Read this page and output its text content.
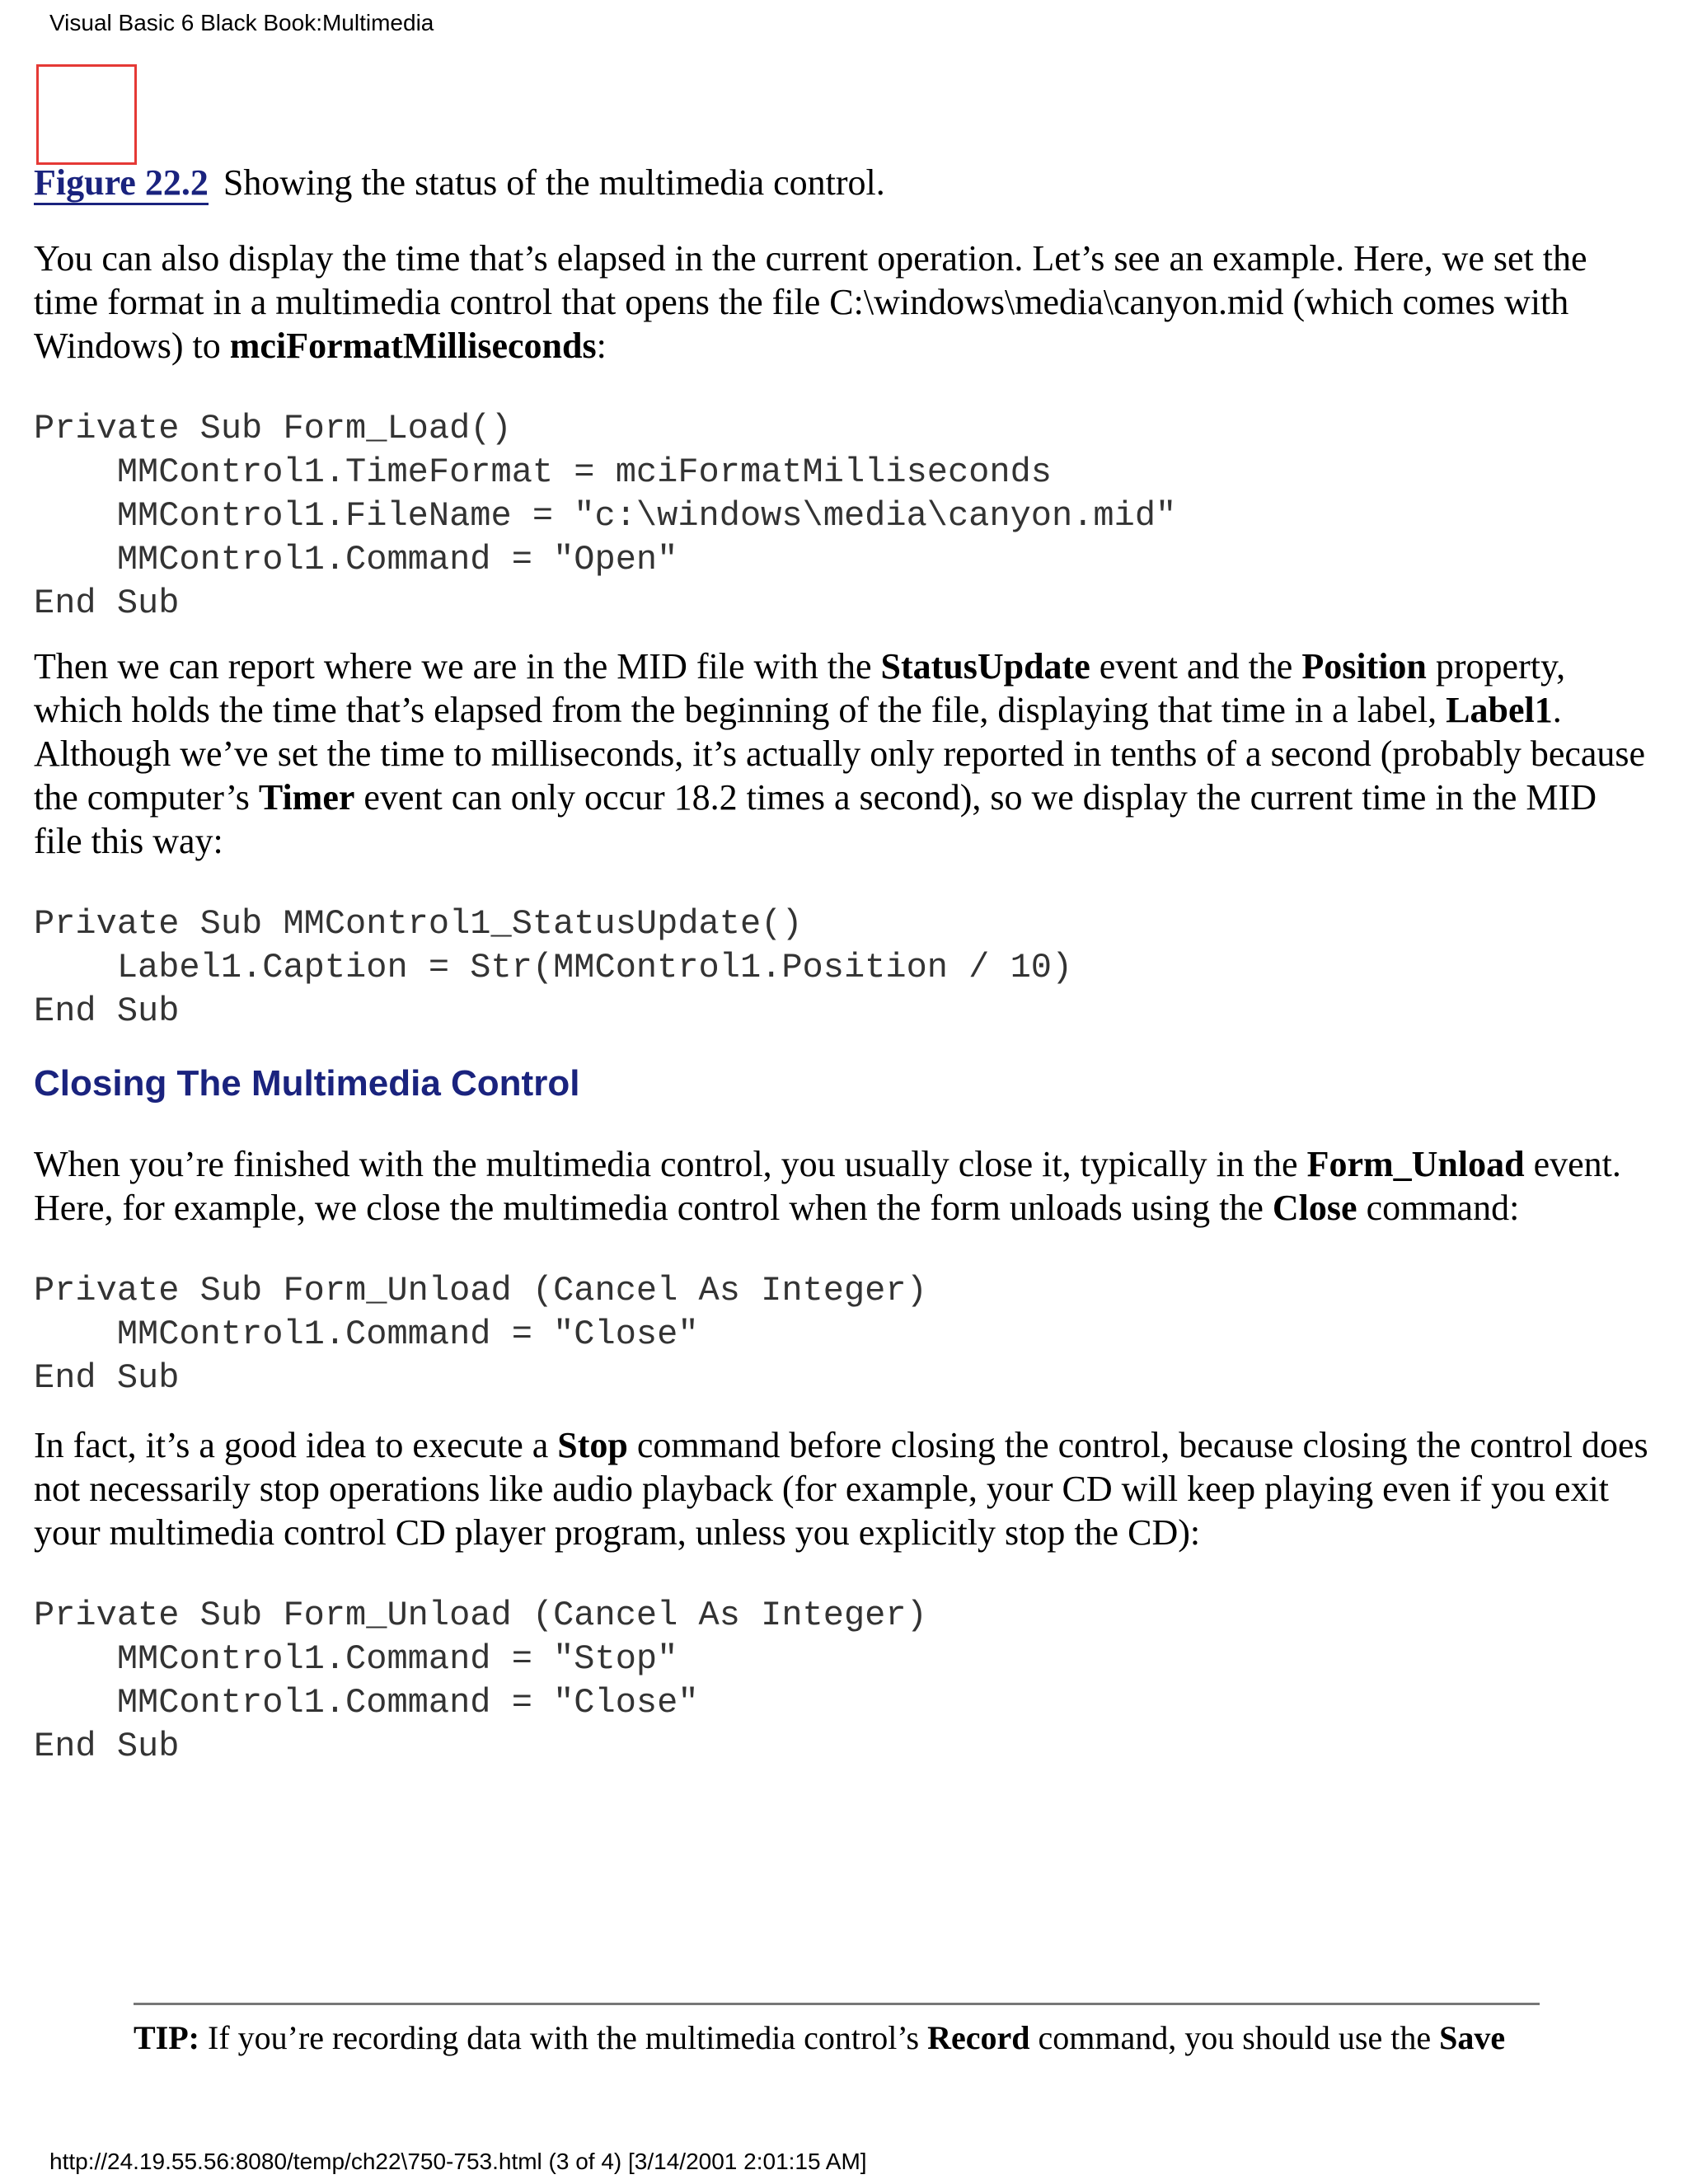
Visual Basic 6 Black Book:Multimedia

Figure 22.2 Showing the status of the multimedia control.

You can also display the time that’s elapsed in the current operation. Let’s see an example. Here, we set the time format in a multimedia control that opens the file C:\windows\media\canyon.mid (which comes with Windows) to mciFormatMilliseconds:

Private Sub Form_Load()
MMControl1.TimeFormat = mciFormatMilliseconds
MMControl1.FileName = "c:\windows\media\canyon.mid"
MMControl1.Command = "Open"
End Sub

Then we can report where we are in the MID file with the StatusUpdate event and the Position property, which holds the time that’s elapsed from the beginning of the file, displaying that time in a label, Label1. Although we’ve set the time to milliseconds, it’s actually only reported in tenths of a second (probably because the computer’s Timer event can only occur 18.2 times a second), so we display the current time in the MID file this way:

Private Sub MMControl1_StatusUpdate()
Label1.Caption = Str(MMControl1.Position / 10)
End Sub
Closing The Multimedia Control

When you’re finished with the multimedia control, you usually close it, typically in the Form_Unload event. Here, for example, we close the multimedia control when the form unloads using the Close command:

Private Sub Form_Unload (Cancel As Integer)
MMControl1.Command = "Close"
End Sub

In fact, it’s a good idea to execute a Stop command before closing the control, because closing the control does not necessarily stop operations like audio playback (for example, your CD will keep playing even if you exit your multimedia control CD player program, unless you explicitly stop the CD):

Private Sub Form_Unload (Cancel As Integer)
MMControl1.Command = "Stop"
MMControl1.Command = "Close"
End Sub
TIP: If you’re recording data with the multimedia control’s Record command, you should use the Save
http://24.19.55.56:8080/temp/ch22\750-753.html (3 of 4) [3/14/2001 2:01:15 AM]
